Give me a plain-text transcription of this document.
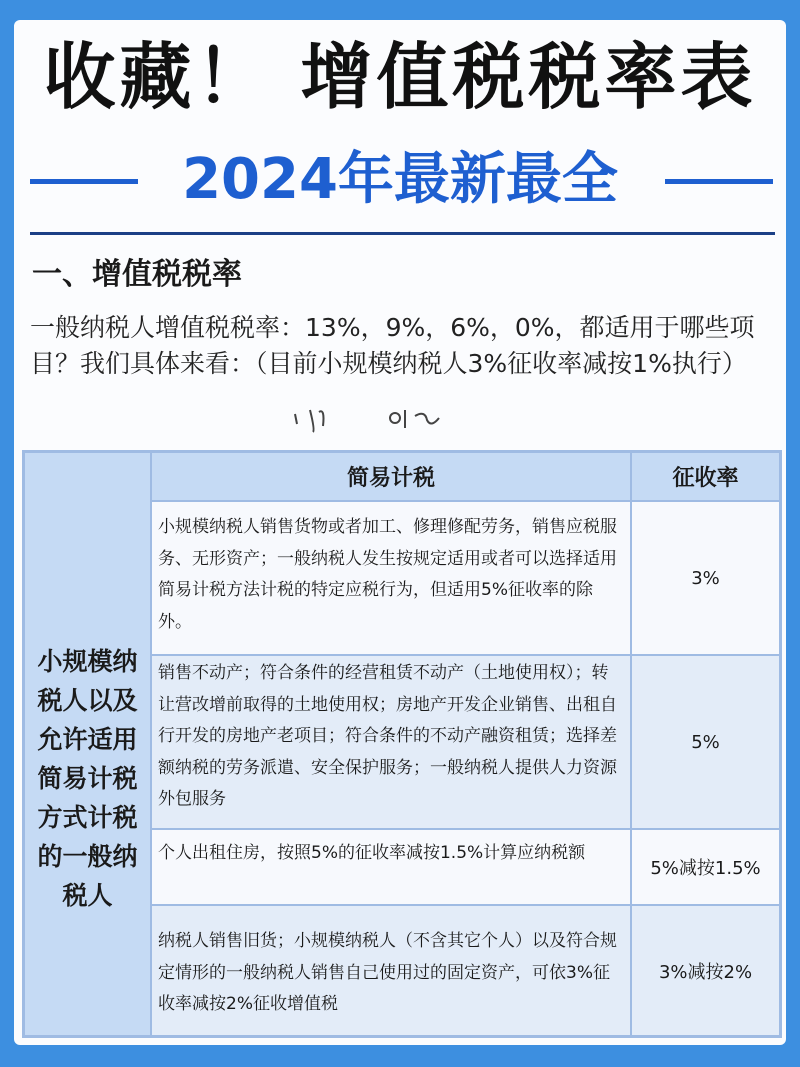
收藏！ 增值税税率表
2024年最新最全
一、增值税税率
一般纳税人增值税税率：13%，9%，6%，0%，都适用于哪些项目？我们具体来看：（目前小规模纳税人3%征收率减按1%执行）
小规模纳税人以及允许适用简易计税方式计税的一般纳税人
简易计税	征收率
小规模纳税人销售货物或者加工、修理修配劳务，销售应税服务、无形资产；一般纳税人发生按规定适用或者可以选择适用简易计税方法计税的特定应税行为，但适用5%征收率的除外。
3%
销售不动产；符合条件的经营租赁不动产（土地使用权）；转让营改增前取得的土地使用权；房地产开发企业销售、出租自行开发的房地产老项目；符合条件的不动产融资租赁；选择差额纳税的劳务派遣、安全保护服务；一般纳税人提供人力资源外包服务
5%
个人出租住房，按照5%的征收率减按1.5%计算应纳税额
5%减按1.5%
纳税人销售旧货；小规模纳税人（不含其它个人）以及符合规定情形的一般纳税人销售自己使用过的固定资产，可依3%征收率减按2%征收增值税
3%减按2%
